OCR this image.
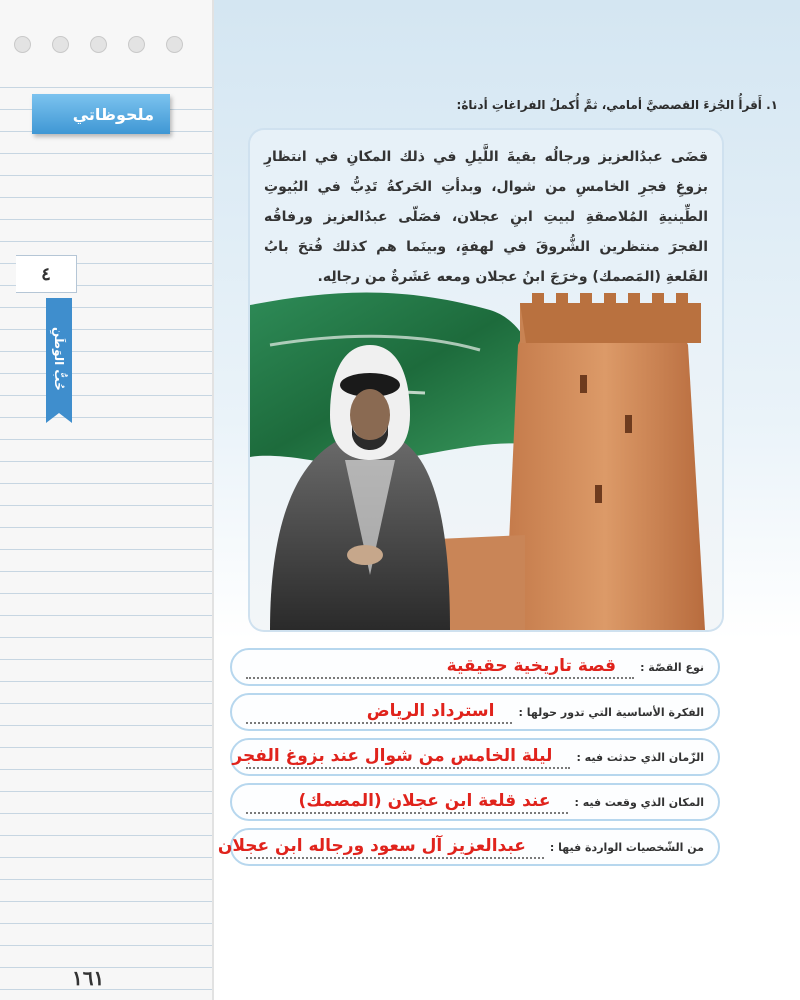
ملحوظاتي
٤
حُبُّ الوَطَنِ
١٦١
١. أَقرأُ الجُزءَ القصصيَّ أمامي، ثمَّ أُكملُ الفراغاتِ أدناهُ:
قضَى عبدُالعزيز ورجالُه بقيةَ اللَّيلِ في ذلك المكانِ في انتظارِ بزوغِ فجرِ الخامسِ من شوال، وبدأتِ الحَركةُ تَدِبُّ في البُيوتِ الطِّينيةِ المُلاصقةِ لبيتِ ابنِ عجلان، فصَلّى عبدُالعزيز ورفاقُه الفجرَ منتظرين الشُّروقَ في لهفةٍ، وبينَما هم كذلك فُتحَ بابُ القَلعةِ (المَصمك) وخرَجَ ابنُ عجلان ومعه عَشَرةٌ من رجالِه.
نوع القصّة :
قصة تاريخية حقيقية
الفكرة الأساسية التي تدور حولها :
استرداد الرياض
الزّمان الذي حدثت فيه :
ليلة الخامس من شوال عند بزوغ الفجر
المكان الذي وقعت فيه :
عند قلعة ابن عجلان (المصمك)
من الشّخصيات الواردة فيها :
عبدالعزيز آل سعود ورجاله ابن عجلان
